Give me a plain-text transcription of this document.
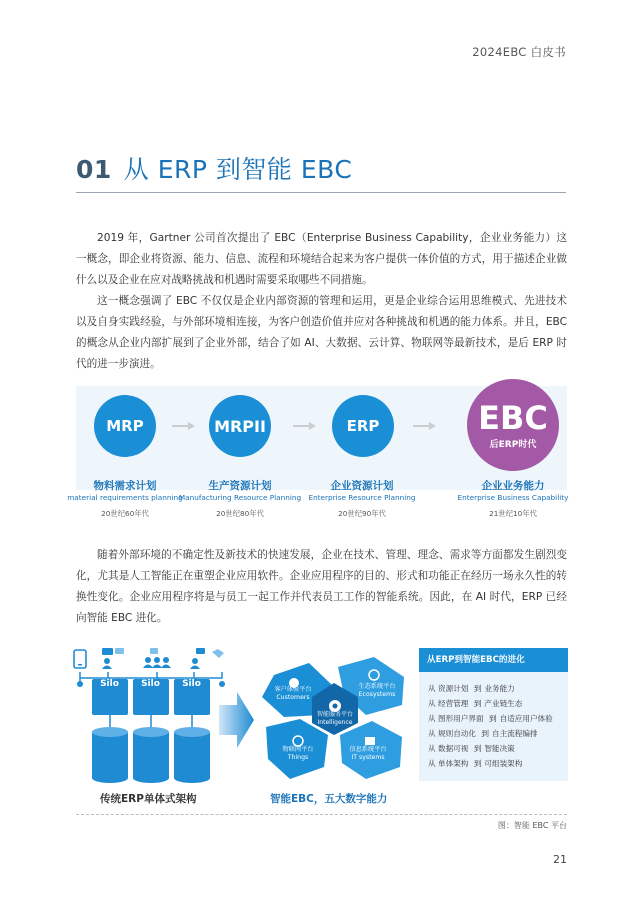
2024EBC 白皮书
01 从 ERP 到智能 EBC

2019 年，Gartner 公司首次提出了 EBC（Enterprise Business Capability，企业业务能力）这一概念，即企业将资源、能力、信息、流程和环境结合起来为客户提供一体价值的方式，用于描述企业做什么以及企业在应对战略挑战和机遇时需要采取哪些不同措施。

这一概念强调了 EBC 不仅仅是企业内部资源的管理和运用，更是企业综合运用思维模式、先进技术以及自身实践经验，与外部环境相连接，为客户创造价值并应对各种挑战和机遇的能力体系。并且，EBC 的概念从企业内部扩展到了企业外部，结合了如 AI、大数据、云计算、物联网等最新技术，是后 ERP 时代的进一步演进。

MRP	MRPII	ERP	EBC
后ERP时代
物料需求计划
material requirements planning
20世纪60年代
生产资源计划
Manufacturing Resource Planning
20世纪80年代
企业资源计划
Enterprise Resource Planning
20世纪90年代
企业业务能力
Enterprise Business Capability
21世纪10年代

随着外部环境的不确定性及新技术的快速发展，企业在技术、管理、理念、需求等方面都发生剧烈变化，尤其是人工智能正在重塑企业应用软件。企业应用程序的目的、形式和功能正在经历一场永久性的转换性变化。企业应用程序将是与员工一起工作并代表员工工作的智能系统。因此，在 AI 时代，ERP 已经向智能 EBC 进化。

Silo	Silo	Silo
传统ERP单体式架构
客户体验平台
Customers
生态系统平台
Ecosystems
智能服务平台
Intelligence
物联网平台
Things
信息系统平台
IT systems
智能EBC，五大数字能力
从ERP到智能EBC的进化
从 资源计划 到 业务能力
从 经营管理 到 产业链生态
从 图形用户界面 到 自适应用户体验
从 规则自动化 到 自主流程编排
从 数据可视 到 智能决策
从 单体架构 到 可组装架构
图：智能 EBC 平台
21
